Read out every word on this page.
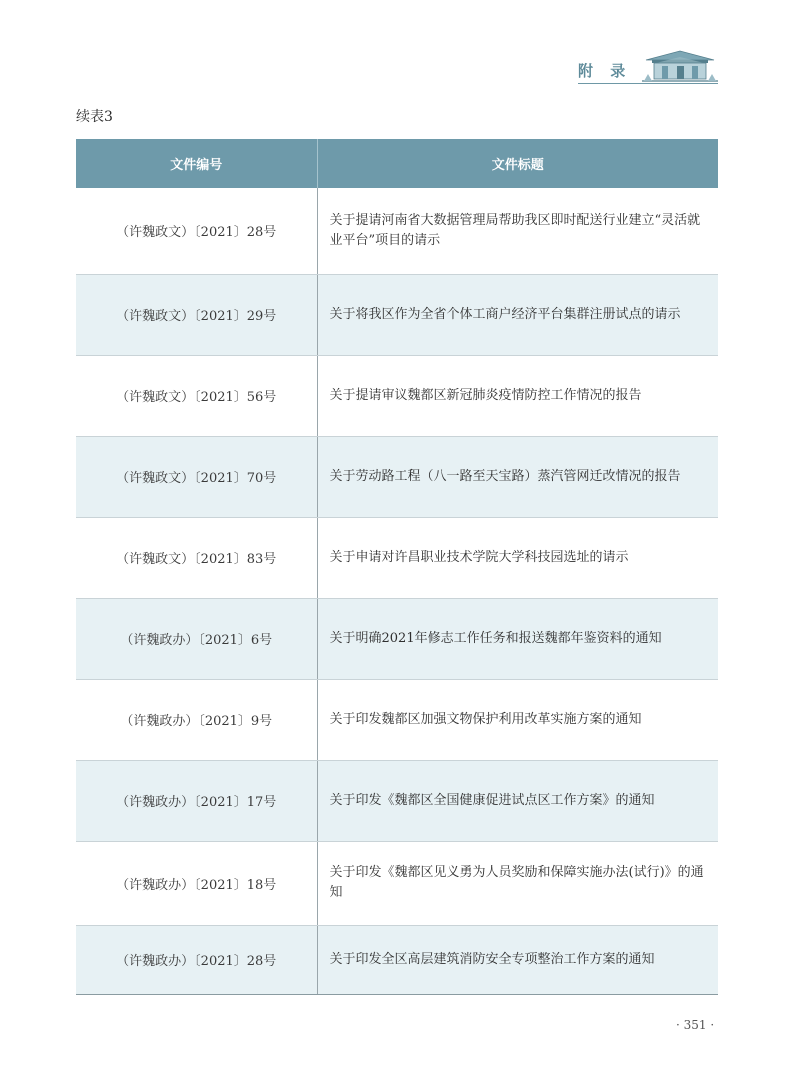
附 录
续表3
文件编号	文件标题
（许魏政文）〔2021〕28号	关于提请河南省大数据管理局帮助我区即时配送行业建立“灵活就业平台”项目的请示
（许魏政文）〔2021〕29号	关于将我区作为全省个体工商户经济平台集群注册试点的请示
（许魏政文）〔2021〕56号	关于提请审议魏都区新冠肺炎疫情防控工作情况的报告
（许魏政文）〔2021〕70号	关于劳动路工程（八一路至天宝路）蒸汽管网迁改情况的报告
（许魏政文）〔2021〕83号	关于申请对许昌职业技术学院大学科技园选址的请示
（许魏政办）〔2021〕6号	关于明确2021年修志工作任务和报送魏都年鉴资料的通知
（许魏政办）〔2021〕9号	关于印发魏都区加强文物保护利用改革实施方案的通知
（许魏政办）〔2021〕17号	关于印发《魏都区全国健康促进试点区工作方案》的通知
（许魏政办）〔2021〕18号	关于印发《魏都区见义勇为人员奖励和保障实施办法(试行)》的通知
（许魏政办）〔2021〕28号	关于印发全区高层建筑消防安全专项整治工作方案的通知
· 351 ·
